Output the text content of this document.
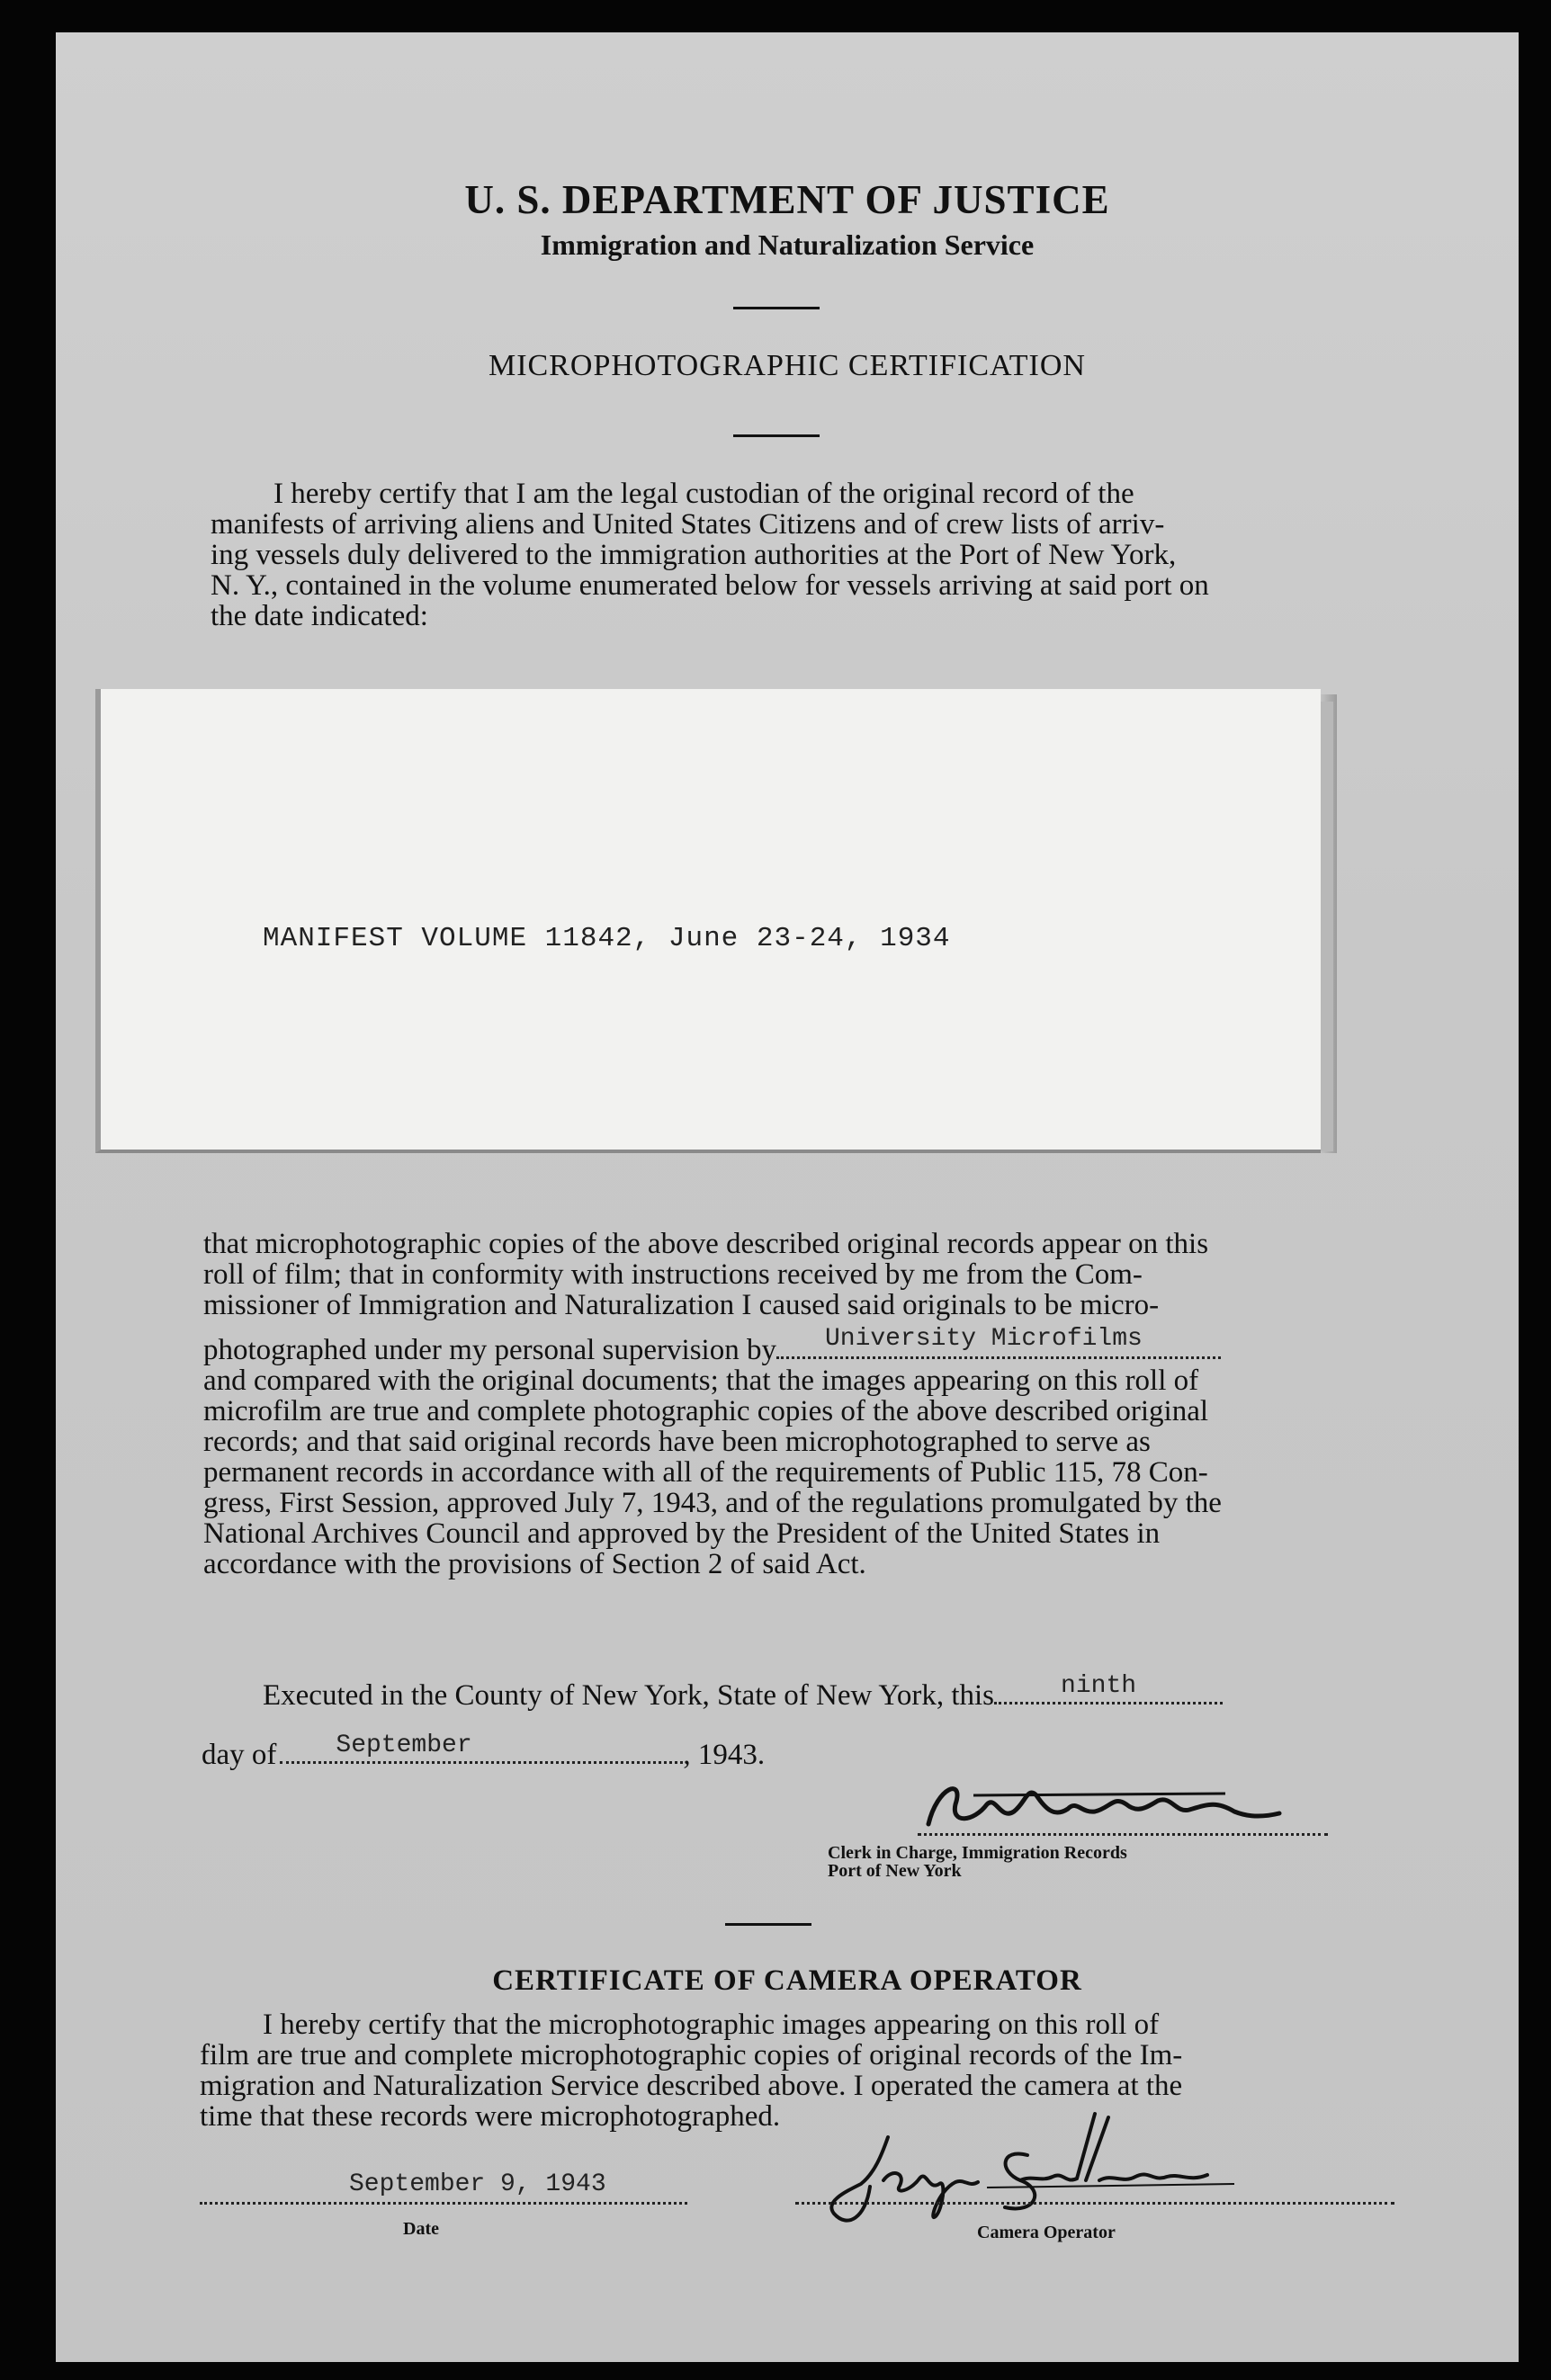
U. S. DEPARTMENT OF JUSTICE
Immigration and Naturalization Service
MICROPHOTOGRAPHIC CERTIFICATION
I hereby certify that I am the legal custodian of the original record of the
manifests of arriving aliens and United States Citizens and of crew lists of arriv-
ing vessels duly delivered to the immigration authorities at the Port of New York,
N. Y., contained in the volume enumerated below for vessels arriving at said port on
the date indicated:
MANIFEST VOLUME 11842, June 23-24, 1934
that microphotographic copies of the above described original records appear on this
roll of film; that in conformity with instructions received by me from the Com-
missioner of Immigration and Naturalization I caused said originals to be micro-
photographed under my personal supervision by University Microfilms
and compared with the original documents; that the images appearing on this roll of
microfilm are true and complete photographic copies of the above described original
records; and that said original records have been microphotographed to serve as
permanent records in accordance with all of the requirements of Public 115, 78 Con-
gress, First Session, approved July 7, 1943, and of the regulations promulgated by the
National Archives Council and approved by the President of the United States in
accordance with the provisions of Section 2 of said Act.
Executed in the County of New York, State of New York, this	ninth
day of September	, 1943.
Clerk in Charge, Immigration Records
Port of New York
CERTIFICATE OF CAMERA OPERATOR
I hereby certify that the microphotographic images appearing on this roll of
film are true and complete microphotographic copies of original records of the Im-
migration and Naturalization Service described above. I operated the camera at the
time that these records were microphotographed.
September 9, 1943
Date	Camera Operator
